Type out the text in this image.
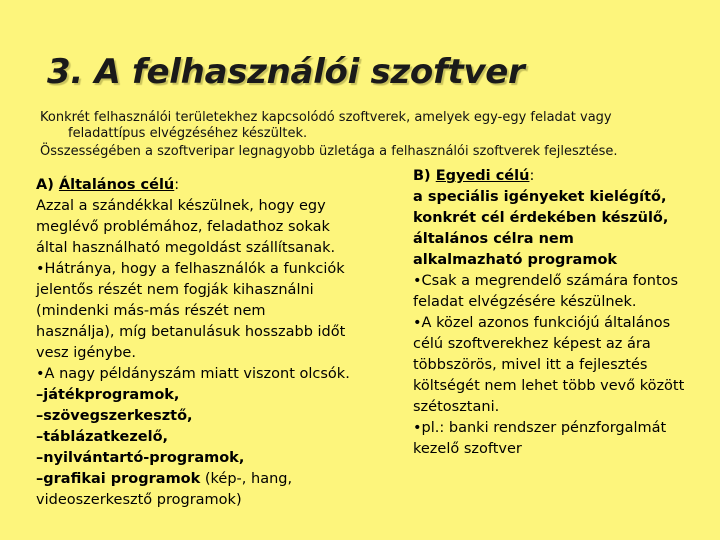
3. A felhasználói szoftver
Konkrét felhasználói területekhez kapcsolódó szoftverek, amelyek egy-egy feladat vagy
feladattípus elvégzéséhez készültek.
Összességében a szoftveripar legnagyobb üzletága a felhasználói szoftverek fejlesztése.
A) Általános célú:
Azzal a szándékkal készülnek, hogy egy
meglévő problémához, feladathoz sokak
által használható megoldást szállítsanak.
•Hátránya, hogy a felhasználók a funkciók
jelentős részét nem fogják kihasználni
(mindenki más-más részét nem
használja), míg betanulásuk hosszabb időt
vesz igénybe.
•A nagy példányszám miatt viszont olcsók.
–játékprogramok,
–szövegszerkesztő,
–táblázatkezelő,
–nyilvántartó-programok,
–grafikai programok (kép-, hang,
videoszerkesztő programok)
B) Egyedi célú:
a speciális igényeket kielégítő,
konkrét cél érdekében készülő,
általános célra nem
alkalmazható programok
•Csak a megrendelő számára fontos
feladat elvégzésére készülnek.
•A közel azonos funkciójú általános
célú szoftverekhez képest az ára
többszörös, mivel itt a fejlesztés
költségét nem lehet több vevő között
szétosztani.
•pl.: banki rendszer pénzforgalmát
kezelő szoftver
